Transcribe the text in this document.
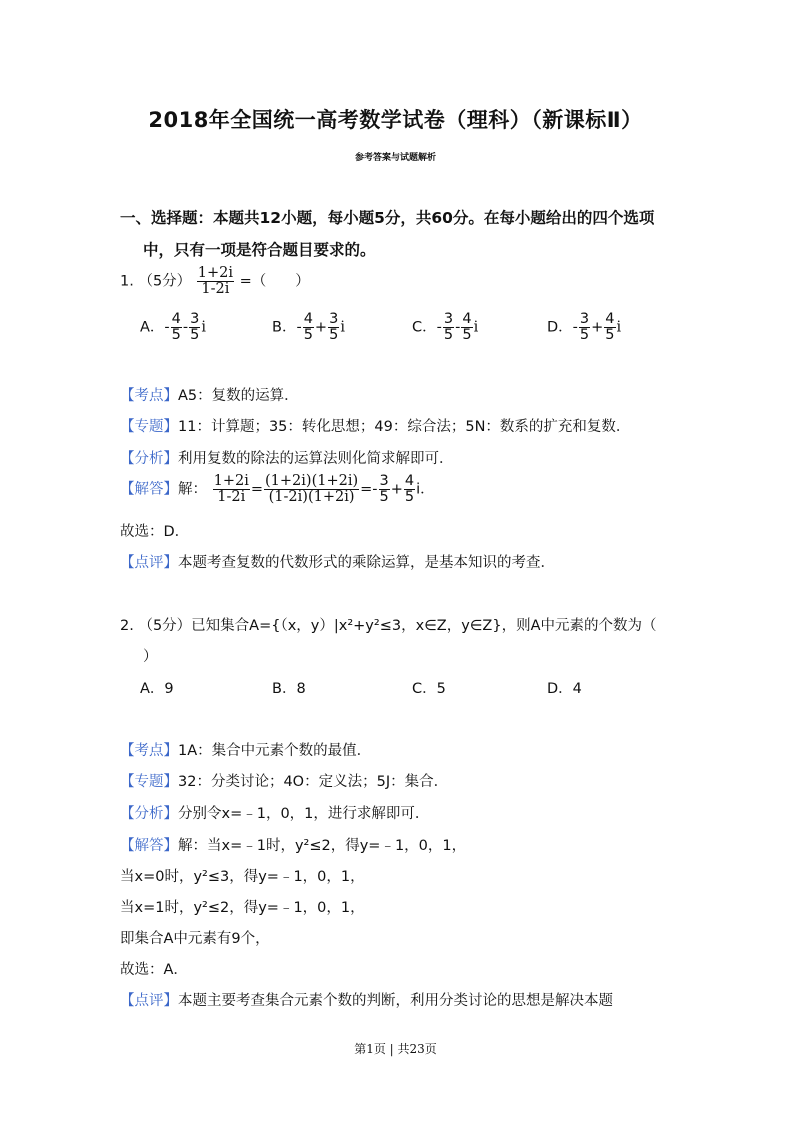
2018年全国统一高考数学试卷（理科）（新课标Ⅱ）
参考答案与试题解析
一、选择题：本题共12小题，每小题5分，共60分。在每小题给出的四个选项
中，只有一项是符合题目要求的。
1. （5分） $\frac{1+2i}{1-2i}$ =（　　）
A．- $\frac{4}{5} - \frac{3}{5}$ i	B．- $\frac{4}{5} + \frac{3}{5}$ i	C．- $\frac{3}{5} - \frac{4}{5}$ i	D．- $\frac{3}{5} + \frac{4}{5}$ i
【考点】A5：复数的运算．
【专题】11：计算题；35：转化思想；49：综合法；5N：数系的扩充和复数．
【分析】利用复数的除法的运算法则化简求解即可．
【解答】解： $\frac{1+2i}{1-2i} = \frac{(1+2i)(1+2i)}{(1-2i)(1+2i)} =- \frac{3}{5} + \frac{4}{5}$ i．
故选：D．
【点评】本题考查复数的代数形式的乘除运算，是基本知识的考查．
2. （5分）已知集合A={（x，y）|x²+y²≤3，x∈Z，y∈Z}，则A中元素的个数为（
）
A．9	B．8	C．5	D．4
【考点】1A：集合中元素个数的最值．
【专题】32：分类讨论；4O：定义法；5J：集合．
【分析】分别令x=﹣1，0，1，进行求解即可．
【解答】解：当x=﹣1时，y²≤2，得y=﹣1，0，1，
当x=0时，y²≤3，得y=﹣1，0，1，
当x=1时，y²≤2，得y=﹣1，0，1，
即集合A中元素有9个，
故选：A．
【点评】本题主要考查集合元素个数的判断，利用分类讨论的思想是解决本题
第1页 | 共23页
